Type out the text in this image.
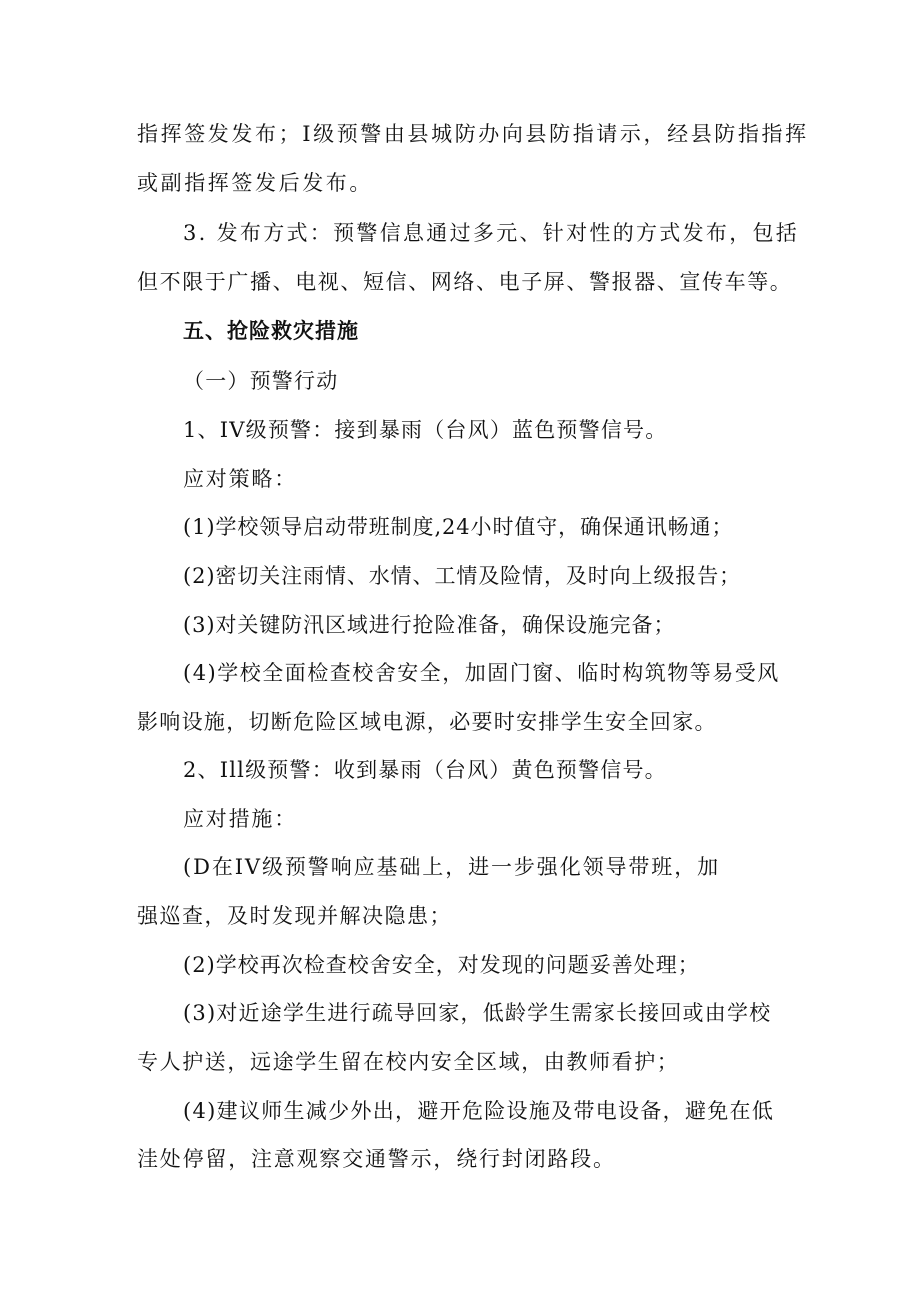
指挥签发发布；I级预警由县城防办向县防指请示，经县防指指挥
或副指挥签发后发布。
3. 发布方式：预警信息通过多元、针对性的方式发布，包括
但不限于广播、电视、短信、网络、电子屏、警报器、宣传车等。
五、抢险救灾措施
（一）预警行动
1、IV级预警：接到暴雨（台风）蓝色预警信号。
应对策略：
(1)学校领导启动带班制度,24小时值守，确保通讯畅通；
(2)密切关注雨情、水情、工情及险情，及时向上级报告；
(3)对关键防汛区域进行抢险准备，确保设施完备；
(4)学校全面检查校舍安全，加固门窗、临时构筑物等易受风
影响设施，切断危险区域电源，必要时安排学生安全回家。
2、Ill级预警：收到暴雨（台风）黄色预警信号。
应对措施：
(D在IV级预警响应基础上，进一步强化领导带班，加
强巡查，及时发现并解决隐患；
(2)学校再次检查校舍安全，对发现的问题妥善处理；
(3)对近途学生进行疏导回家，低龄学生需家长接回或由学校
专人护送，远途学生留在校内安全区域，由教师看护；
(4)建议师生减少外出，避开危险设施及带电设备，避免在低
洼处停留，注意观察交通警示，绕行封闭路段。
